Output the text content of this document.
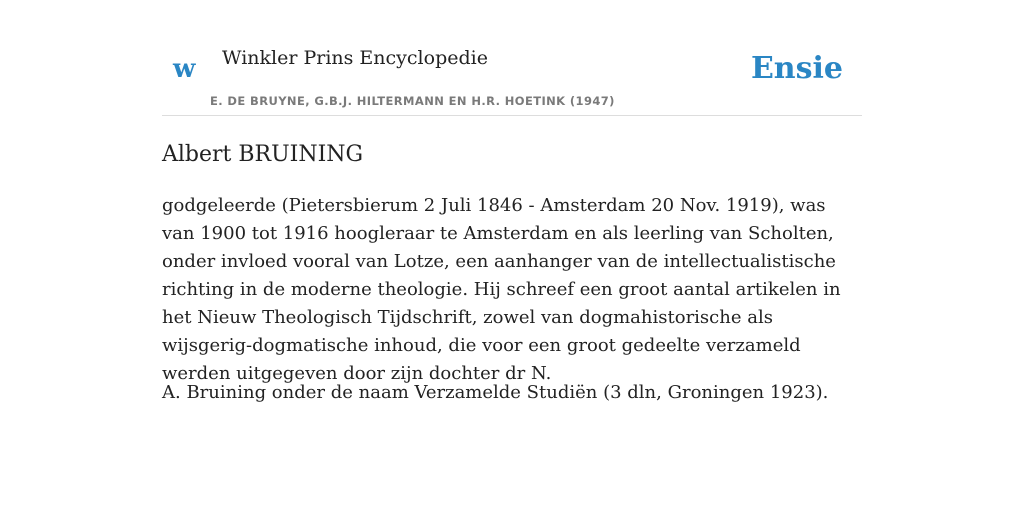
w Winkler Prins Encyclopedie
E. DE BRUYNE, G.B.J. HILTERMANN EN H.R. HOETINK (1947)
Ensie
Albert BRUINING

godgeleerde (Pietersbierum 2 Juli 1846 - Amsterdam 20 Nov. 1919), was van 1900 tot 1916 hoogleraar te Amsterdam en als leerling van Scholten, onder invloed vooral van Lotze, een aanhanger van de intellectualistische richting in de moderne theologie. Hij schreef een groot aantal artikelen in het Nieuw Theologisch Tijdschrift, zowel van dogmahistorische als wijsgerig-dogmatische inhoud, die voor een groot gedeelte verzameld werden uitgegeven door zijn dochter dr N.

A. Bruining onder de naam Verzamelde Studiën (3 dln, Groningen 1923).
